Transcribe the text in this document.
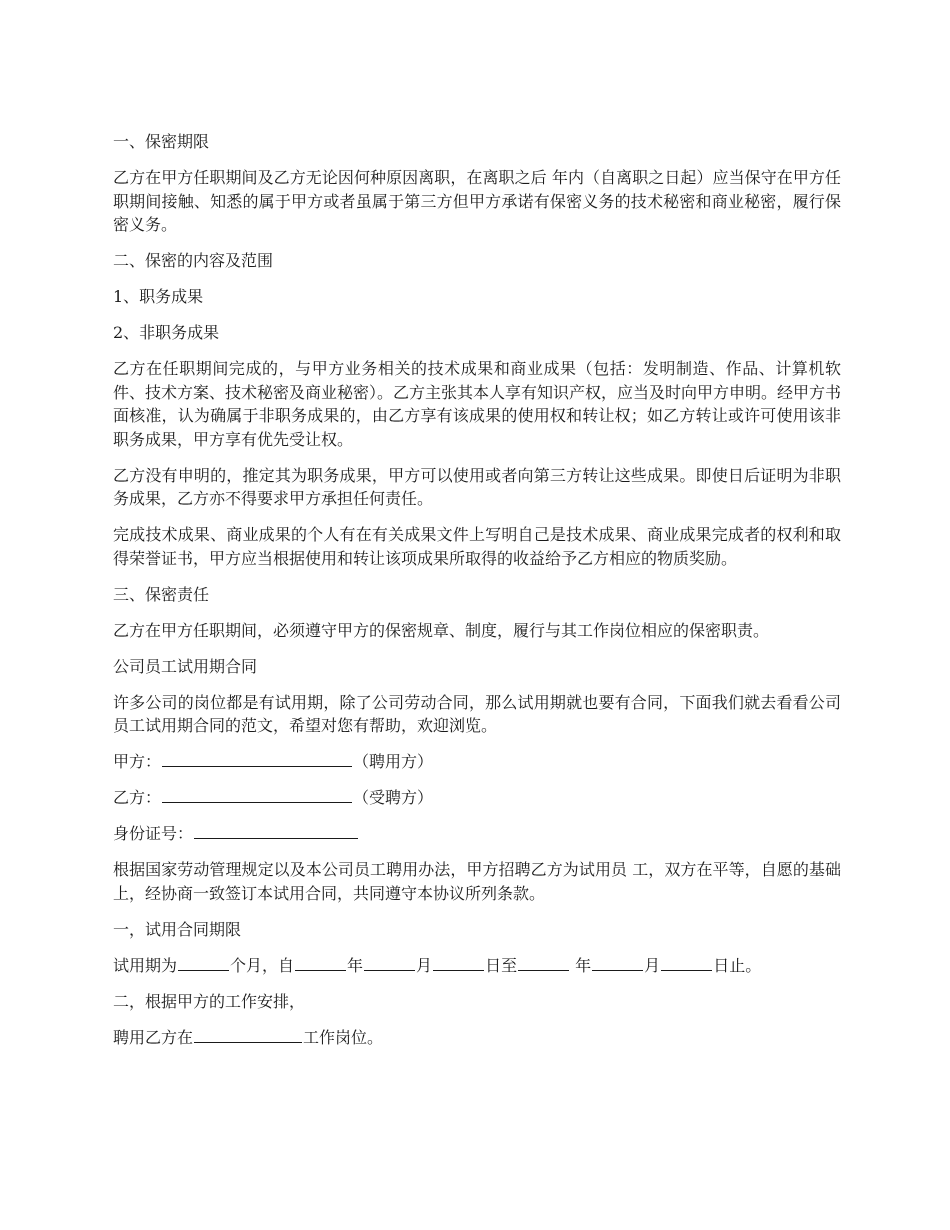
一、保密期限

乙方在甲方任职期间及乙方无论因何种原因离职，在离职之后 年内（自离职之日起）应当保守在甲方任职期间接触、知悉的属于甲方或者虽属于第三方但甲方承诺有保密义务的技术秘密和商业秘密，履行保密义务。

二、保密的内容及范围

1、职务成果

2、非职务成果

乙方在任职期间完成的，与甲方业务相关的技术成果和商业成果（包括：发明制造、作品、计算机软件、技术方案、技术秘密及商业秘密）。乙方主张其本人享有知识产权，应当及时向甲方申明。经甲方书面核准，认为确属于非职务成果的，由乙方享有该成果的使用权和转让权；如乙方转让或许可使用该非职务成果，甲方享有优先受让权。

乙方没有申明的，推定其为职务成果，甲方可以使用或者向第三方转让这些成果。即使日后证明为非职务成果，乙方亦不得要求甲方承担任何责任。

完成技术成果、商业成果的个人有在有关成果文件上写明自己是技术成果、商业成果完成者的权利和取得荣誉证书，甲方应当根据使用和转让该项成果所取得的收益给予乙方相应的物质奖励。

三、保密责任

乙方在甲方任职期间，必须遵守甲方的保密规章、制度，履行与其工作岗位相应的保密职责。

公司员工试用期合同

许多公司的岗位都是有试用期，除了公司劳动合同，那么试用期就也要有合同，下面我们就去看看公司员工试用期合同的范文，希望对您有帮助，欢迎浏览。

甲方：	（聘用方）

乙方：	（受聘方）

身份证号：

根据国家劳动管理规定以及本公司员工聘用办法，甲方招聘乙方为试用员 工，双方在平等，自愿的基础上，经协商一致签订本试用合同，共同遵守本协议所列条款。

一，试用合同期限

试用期为	个月，自	年	月	日至	年	月	日止。

二，根据甲方的工作安排，

聘用乙方在	工作岗位。
